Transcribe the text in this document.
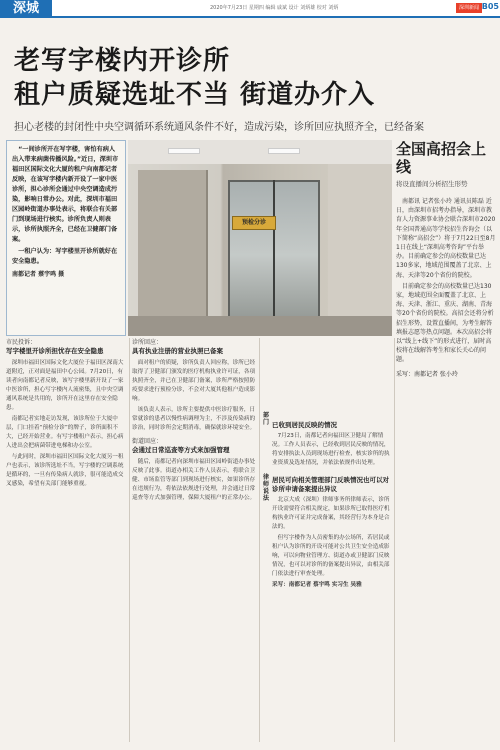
深城	2020年7月23日 星期四 编辑 戚斌 设计 刘炳雄 校对 刘炳	深圳新闻 B05
老写字楼内开诊所
租户质疑选址不当 街道办介入
担心老楼的封闭性中央空调循环系统通风条件不好，造成污染，诊所回应执照齐全，已经备案

“一间诊所开在写字楼，害怕有病人出入带来病菌传播风险。”近日，深圳市福田区国际文化大厦的租户向南都记者反映，在该写字楼内新开设了一家中医诊所，担心诊所会通过中央空调造成污染，影响日常办公。对此，深圳市福田区园岭街道办事处表示，将联合有关部门到现场进行核实。诊所负责人则表示，诊所执照齐全，已经在卫健部门备案。

一租户认为：写字楼里开诊所就好在安全隐患。

南都记者 蔡宇鸣 摄
预检分诊
全国高招会上线
将设直播间分析招生形势

南都讯 记者张小玲 通讯员陈磊 近日，由深圳市招考办指导，深圳市教育人力资源事业协会联合深圳市2020年全国普通高等学校招生咨询会（以下简称“高招会”）将于7月22日至8月1日在线上“深圳高考咨询”平台举办。目前确定参会的高校数量已达130多家，地域范围覆盖了北京、上海、天津等20个省份的院校。

目前确定参会的高校数量已达130家，地域范围全面覆盖了北京、上海、天津、浙江、重庆、湖南、青海等20个省份的院校。高招会还将分析招生形势，设置直播间，为考生解答填报志愿等热点问题。本次高招会将以“线上+线下”的形式进行，届时高校将在线解答考生和家长关心的问题。

采写：南都记者 张小玲
市民投诉：
写字楼里开诊所担忧存在安全隐患

深圳市福田区国际文化大厦位于福田区深南大道附近，正对面是福田中心公园。7月20日，有读者向南都记者反映，该写字楼里新开设了一家中医诊所，担心写字楼内人流密集，且中央空调通风系统是共用的，诊所开在这里存在安全隐患。

南都记者实地走访发现，该诊所位于大厦中层，门口挂着“预检分诊”的牌子，诊所面积不大，已经开始营业。有写字楼租户表示，担心病人进出会把病菌带进电梯和办公室。

与此同时，深圳市福田区国际文化大厦另一租户也表示，该诊所选址不当，写字楼的空调系统是循环的，一旦有传染病人就诊，很可能造成交叉感染，希望有关部门能够重视。

诊所回应：
具有执业注册的营业执照已备案

面对租户的质疑，诊所负责人回应称，诊所已经取得了卫健部门颁发的医疗机构执业许可证，各项执照齐全，并已在卫健部门备案，诊所严格按照防疫要求进行预检分诊，不会对大厦其他租户造成影响。

该负责人表示，诊所主要提供中医诊疗服务，日常就诊的患者以慢性病调理为主，不涉及传染病的诊治，同时诊所会定期消毒，确保就诊环境安全。

街道回应：
会通过日常巡查等方式来加强管理

随后，南都记者向深圳市福田区园岭街道办事处反映了此事。街道办相关工作人员表示，将联合卫健、市场监管等部门到现场进行核实，如果诊所存在违规行为，将依法依规进行处理，并会通过日常巡查等方式加强管理，保障大厦租户的正常办公。

部门 已收到居民反映的情况

7月23日，南都记者向福田区卫健局了解情况。工作人员表示，已经收到居民反映的情况，将安排执法人员到现场进行检查，核实诊所的执业资质及选址情况，并依法依规作出处理。

律师说法
居民可向相关管理部门反映情况也可以对诊所申请备案提出异议

北京大成（深圳）律师事务所律师表示，诊所开设需要符合相关规定，如果诊所已取得医疗机构执业许可证并完成备案，其经营行为本身是合法的。

但写字楼作为人员密集的办公场所，若居民或租户认为诊所的开设可能对公共卫生安全造成影响，可以向物业管理方、街道办或卫健部门反映情况，也可以对诊所的备案提出异议，由相关部门依法进行审查处理。

采写：南都记者 蔡宇鸣 实习生 吴雅
